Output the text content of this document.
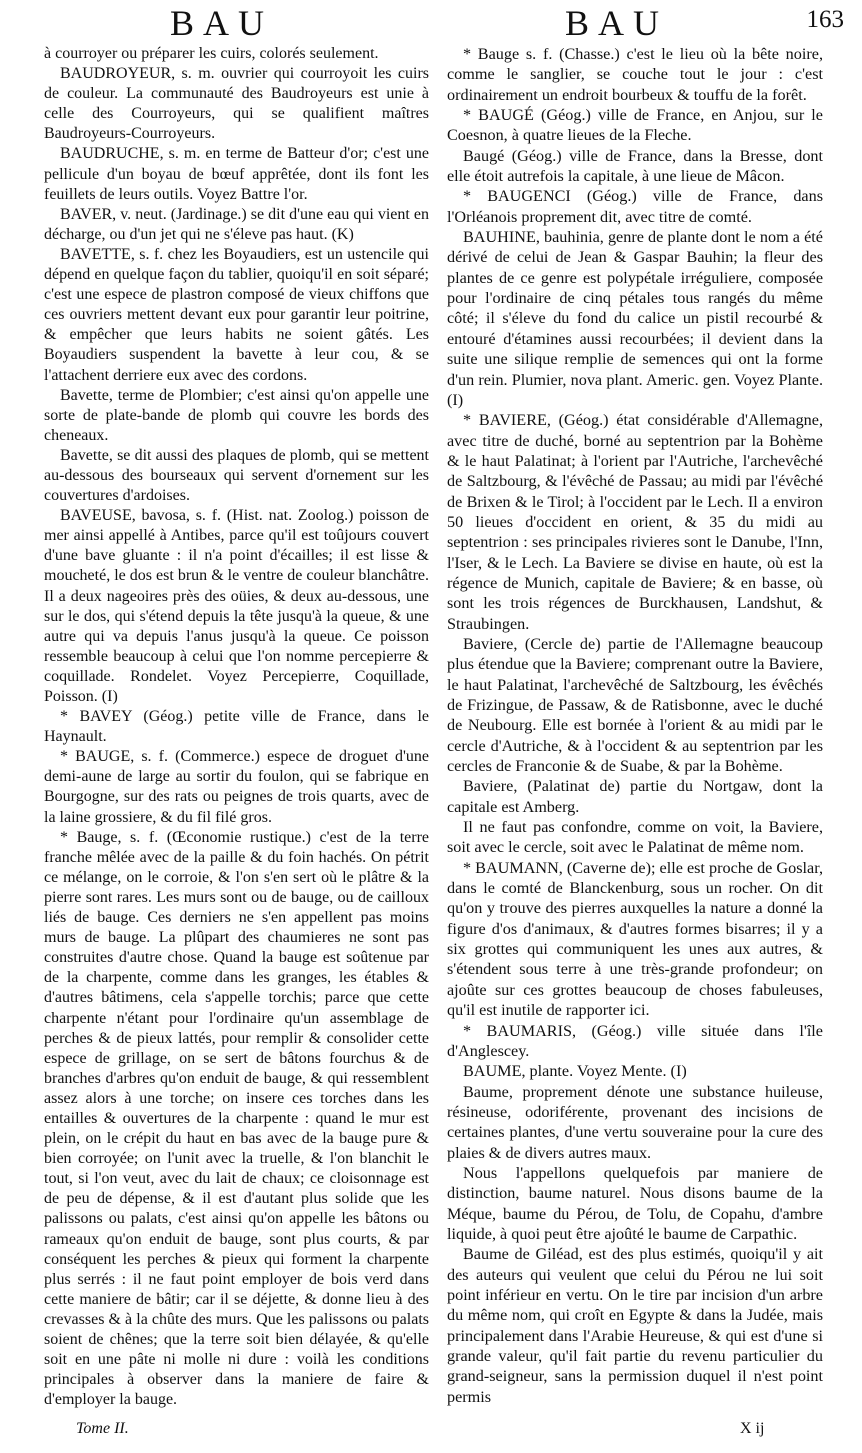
BAU	BAU	163

à courroyer ou préparer les cuirs, colorés seulement.

BAUDROYEUR, s. m. ouvrier qui courroyoit les cuirs de couleur. La communauté des Baudroyeurs est unie à celle des Courroyeurs, qui se qualifient maîtres Baudroyeurs-Courroyeurs.

BAUDRUCHE, s. m. en terme de Batteur d'or; c'est une pellicule d'un boyau de bœuf apprêtée, dont ils font les feuillets de leurs outils. Voyez Battre l'or.

BAVER, v. neut. (Jardinage.) se dit d'une eau qui vient en décharge, ou d'un jet qui ne s'éleve pas haut. (K)

BAVETTE, s. f. chez les Boyaudiers, est un ustencile qui dépend en quelque façon du tablier, quoiqu'il en soit séparé; c'est une espece de plastron composé de vieux chiffons que ces ouvriers mettent devant eux pour garantir leur poitrine, & empêcher que leurs habits ne soient gâtés. Les Boyaudiers suspendent la bavette à leur cou, & se l'attachent derriere eux avec des cordons.

Bavette, terme de Plombier; c'est ainsi qu'on appelle une sorte de plate-bande de plomb qui couvre les bords des cheneaux.

Bavette, se dit aussi des plaques de plomb, qui se mettent au-dessous des bourseaux qui servent d'ornement sur les couvertures d'ardoises.

BAVEUSE, bavosa, s. f. (Hist. nat. Zoolog.) poisson de mer ainsi appellé à Antibes, parce qu'il est toûjours couvert d'une bave gluante : il n'a point d'écailles; il est lisse & moucheté, le dos est brun & le ventre de couleur blanchâtre. Il a deux nageoires près des oüies, & deux au-dessous, une sur le dos, qui s'étend depuis la tête jusqu'à la queue, & une autre qui va depuis l'anus jusqu'à la queue. Ce poisson ressemble beaucoup à celui que l'on nomme percepierre & coquillade. Rondelet. Voyez Percepierre, Coquillade, Poisson. (I)

* BAVEY (Géog.) petite ville de France, dans le Haynault.

* BAUGE, s. f. (Commerce.) espece de droguet d'une demi-aune de large au sortir du foulon, qui se fabrique en Bourgogne, sur des rats ou peignes de trois quarts, avec de la laine grossiere, & du fil filé gros.

* Bauge, s. f. (Œconomie rustique.) c'est de la terre franche mêlée avec de la paille & du foin hachés. On pétrit ce mélange, on le corroie, & l'on s'en sert où le plâtre & la pierre sont rares. Les murs sont ou de bauge, ou de cailloux liés de bauge. Ces derniers ne s'en appellent pas moins murs de bauge. La plûpart des chaumieres ne sont pas construites d'autre chose. Quand la bauge est soûtenue par de la charpente, comme dans les granges, les étables & d'autres bâtimens, cela s'appelle torchis; parce que cette charpente n'étant pour l'ordinaire qu'un assemblage de perches & de pieux lattés, pour remplir & consolider cette espece de grillage, on se sert de bâtons fourchus & de branches d'arbres qu'on enduit de bauge, & qui ressemblent assez alors à une torche; on insere ces torches dans les entailles & ouvertures de la charpente : quand le mur est plein, on le crépit du haut en bas avec de la bauge pure & bien corroyée; on l'unit avec la truelle, & l'on blanchit le tout, si l'on veut, avec du lait de chaux; ce cloisonnage est de peu de dépense, & il est d'autant plus solide que les palissons ou palats, c'est ainsi qu'on appelle les bâtons ou rameaux qu'on enduit de bauge, sont plus courts, & par conséquent les perches & pieux qui forment la charpente plus serrés : il ne faut point employer de bois verd dans cette maniere de bâtir; car il se déjette, & donne lieu à des crevasses & à la chûte des murs. Que les palissons ou palats soient de chênes; que la terre soit bien délayée, & qu'elle soit en une pâte ni molle ni dure : voilà les conditions principales à observer dans la maniere de faire & d'employer la bauge.

* Bauge s. f. (Chasse.) c'est le lieu où la bête noire, comme le sanglier, se couche tout le jour : c'est ordinairement un endroit bourbeux & touffu de la forêt.

* BAUGÉ (Géog.) ville de France, en Anjou, sur le Coesnon, à quatre lieues de la Fleche.

Baugé (Géog.) ville de France, dans la Bresse, dont elle étoit autrefois la capitale, à une lieue de Mâcon.

* BAUGENCI (Géog.) ville de France, dans l'Orléanois proprement dit, avec titre de comté.

BAUHINE, bauhinia, genre de plante dont le nom a été dérivé de celui de Jean & Gaspar Bauhin; la fleur des plantes de ce genre est polypétale irréguliere, composée pour l'ordinaire de cinq pétales tous rangés du même côté; il s'éleve du fond du calice un pistil recourbé & entouré d'étamines aussi recourbées; il devient dans la suite une silique remplie de semences qui ont la forme d'un rein. Plumier, nova plant. Americ. gen. Voyez Plante. (I)

* BAVIERE, (Géog.) état considérable d'Allemagne, avec titre de duché, borné au septentrion par la Bohème & le haut Palatinat; à l'orient par l'Autriche, l'archevêché de Saltzbourg, & l'évêché de Passau; au midi par l'évêché de Brixen & le Tirol; à l'occident par le Lech. Il a environ 50 lieues d'occident en orient, & 35 du midi au septentrion : ses principales rivieres sont le Danube, l'Inn, l'Iser, & le Lech. La Baviere se divise en haute, où est la régence de Munich, capitale de Baviere; & en basse, où sont les trois régences de Burckhausen, Landshut, & Straubingen.

Baviere, (Cercle de) partie de l'Allemagne beaucoup plus étendue que la Baviere; comprenant outre la Baviere, le haut Palatinat, l'archevêché de Saltzbourg, les évêchés de Frizingue, de Passaw, & de Ratisbonne, avec le duché de Neubourg. Elle est bornée à l'orient & au midi par le cercle d'Autriche, & à l'occident & au septentrion par les cercles de Franconie & de Suabe, & par la Bohème.

Baviere, (Palatinat de) partie du Nortgaw, dont la capitale est Amberg.

Il ne faut pas confondre, comme on voit, la Baviere, soit avec le cercle, soit avec le Palatinat de même nom.

* BAUMANN, (Caverne de); elle est proche de Goslar, dans le comté de Blanckenburg, sous un rocher. On dit qu'on y trouve des pierres auxquelles la nature a donné la figure d'os d'animaux, & d'autres formes bisarres; il y a six grottes qui communiquent les unes aux autres, & s'étendent sous terre à une très-grande profondeur; on ajoûte sur ces grottes beaucoup de choses fabuleuses, qu'il est inutile de rapporter ici.

* BAUMARIS, (Géog.) ville située dans l'île d'Anglescey.

BAUME, plante. Voyez Mente. (I)

Baume, proprement dénote une substance huileuse, résineuse, odoriférente, provenant des incisions de certaines plantes, d'une vertu souveraine pour la cure des plaies & de divers autres maux.

Nous l'appellons quelquefois par maniere de distinction, baume naturel. Nous disons baume de la Méque, baume du Pérou, de Tolu, de Copahu, d'ambre liquide, à quoi peut être ajoûté le baume de Carpathic.

Baume de Giléad, est des plus estimés, quoiqu'il y ait des auteurs qui veulent que celui du Pérou ne lui soit point inférieur en vertu. On le tire par incision d'un arbre du même nom, qui croît en Egypte & dans la Judée, mais principalement dans l'Arabie Heureuse, & qui est d'une si grande valeur, qu'il fait partie du revenu particulier du grand-seigneur, sans la permission duquel il n'est point permis

Tome II.	X ij
